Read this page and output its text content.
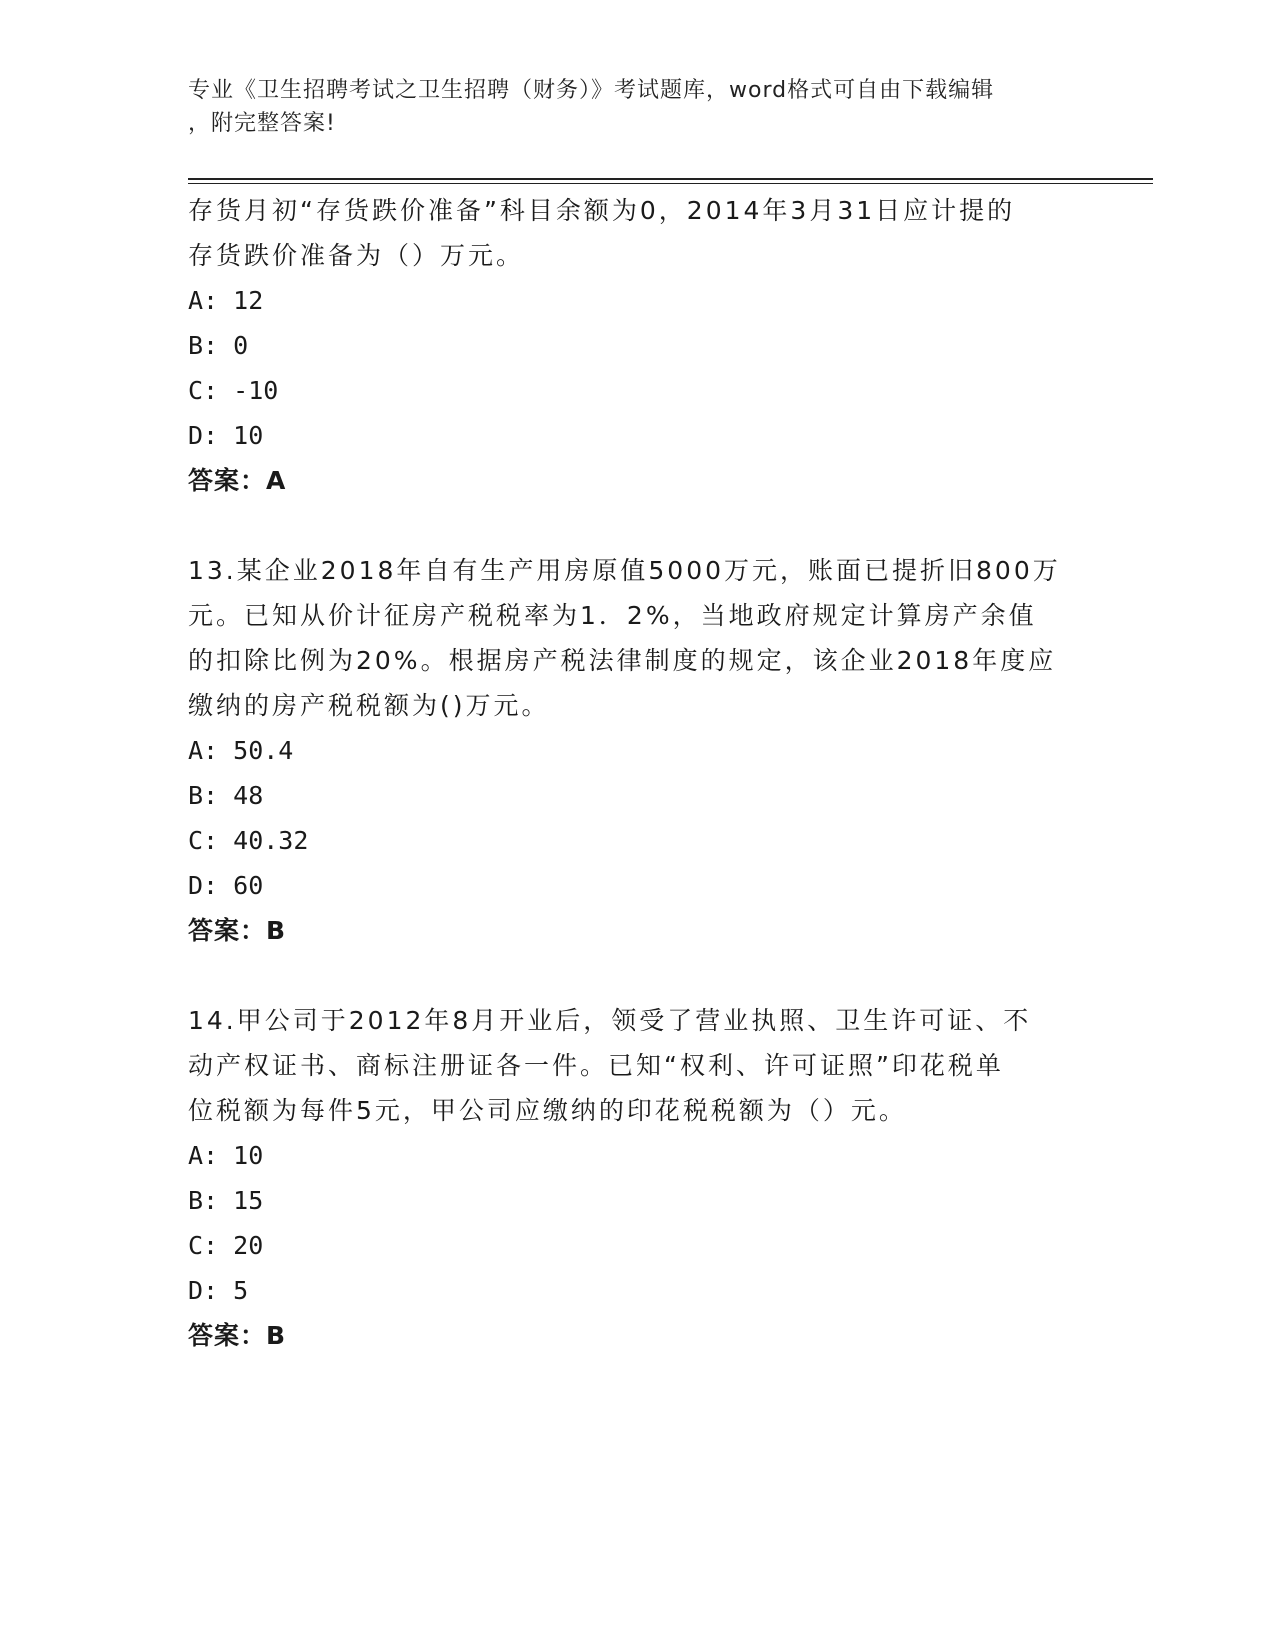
专业《卫生招聘考试之卫生招聘（财务）》考试题库，word格式可自由下载编辑
，附完整答案!

存货月初“存货跌价准备”科目余额为0，2014年3月31日应计提的

存货跌价准备为（）万元。

A: 12

B: 0

C: -10

D: 10

答案：A

13.某企业2018年自有生产用房原值5000万元，账面已提折旧800万

元。已知从价计征房产税税率为1．2%，当地政府规定计算房产余值

的扣除比例为20%。根据房产税法律制度的规定，该企业2018年度应

缴纳的房产税税额为()万元。

A: 50.4

B: 48

C: 40.32

D: 60

答案：B

14.甲公司于2012年8月开业后，领受了营业执照、卫生许可证、不

动产权证书、商标注册证各一件。已知“权利、许可证照”印花税单

位税额为每件5元，甲公司应缴纳的印花税税额为（）元。

A: 10

B: 15

C: 20

D: 5

答案：B
